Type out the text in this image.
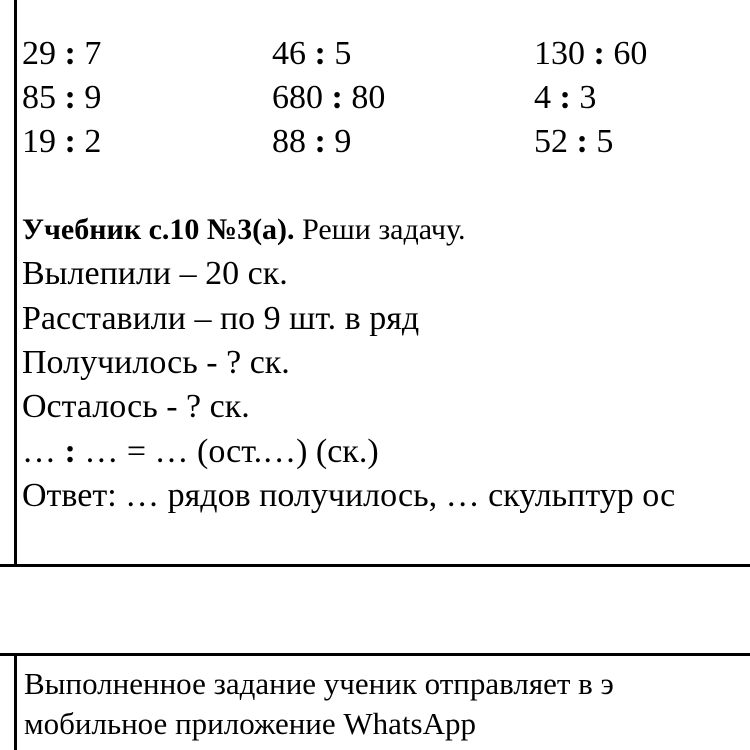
29 : 7
85 : 9
19 : 2
46 : 5
680 : 80
88 : 9
130 : 60
4 : 3
52 : 5
Учебник с.10 №3(а). Реши задачу.
Вылепили – 20 ск.
Расставили – по 9 шт. в ряд
Получилось - ? ск.
Осталось - ? ск.
… : … = … (ост.…) (ск.)
Ответ: … рядов получилось, … скульптур ос
Выполненное задание ученик отправляет в э
мобильное приложение WhatsApp
